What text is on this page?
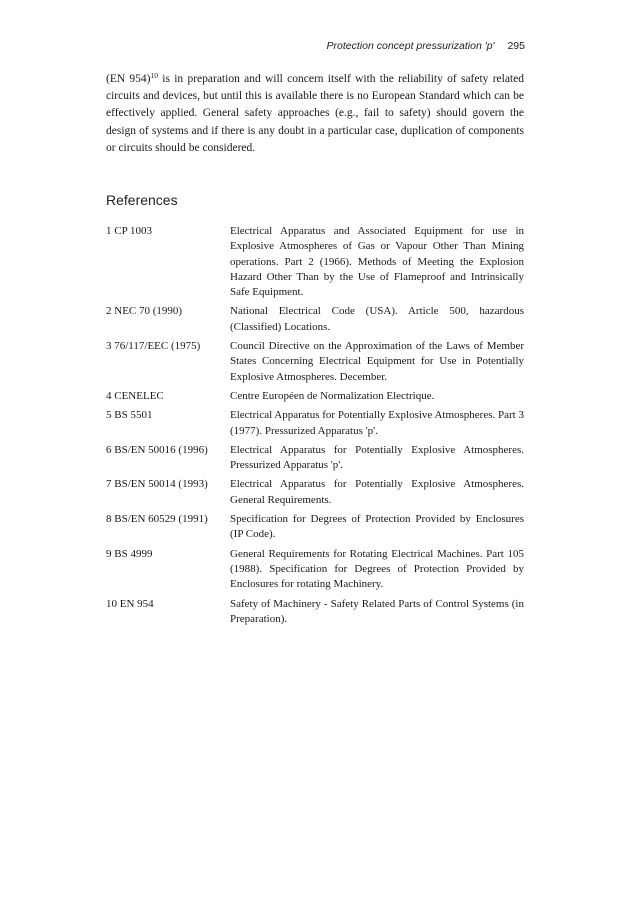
Protection concept pressurization 'p' 295

(EN 954)$^{10}$ is in preparation and will concern itself with the reliability of safety related circuits and devices, but until this is available there is no European Standard which can be effectively applied. General safety approaches (e.g., fail to safety) should govern the design of systems and if there is any doubt in a particular case, duplication of components or circuits should be considered.

References
1 CP 1003	Electrical Apparatus and Associated Equipment for use in Explosive Atmospheres of Gas or Vapour Other Than Mining operations. Part 2 (1966). Methods of Meeting the Explosion Hazard Other Than by the Use of Flameproof and Intrinsically Safe Equipment.
2 NEC 70 (1990)	National Electrical Code (USA). Article 500, hazardous (Classified) Locations.
3 76/117/EEC (1975)	Council Directive on the Approximation of the Laws of Member States Concerning Electrical Equipment for Use in Potentially Explosive Atmospheres. December.
4 CENELEC	Centre Européen de Normalization Electrique.
5 BS 5501	Electrical Apparatus for Potentially Explosive Atmospheres. Part 3 (1977). Pressurized Apparatus 'p'.
6 BS/EN 50016 (1996)	Electrical Apparatus for Potentially Explosive Atmospheres. Pressurized Apparatus 'p'.
7 BS/EN 50014 (1993)	Electrical Apparatus for Potentially Explosive Atmospheres. General Requirements.
8 BS/EN 60529 (1991)	Specification for Degrees of Protection Provided by Enclosures (IP Code).
9 BS 4999	General Requirements for Rotating Electrical Machines. Part 105 (1988). Specification for Degrees of Protection Provided by Enclosures for rotating Machinery.
10 EN 954	Safety of Machinery - Safety Related Parts of Control Systems (in Preparation).
